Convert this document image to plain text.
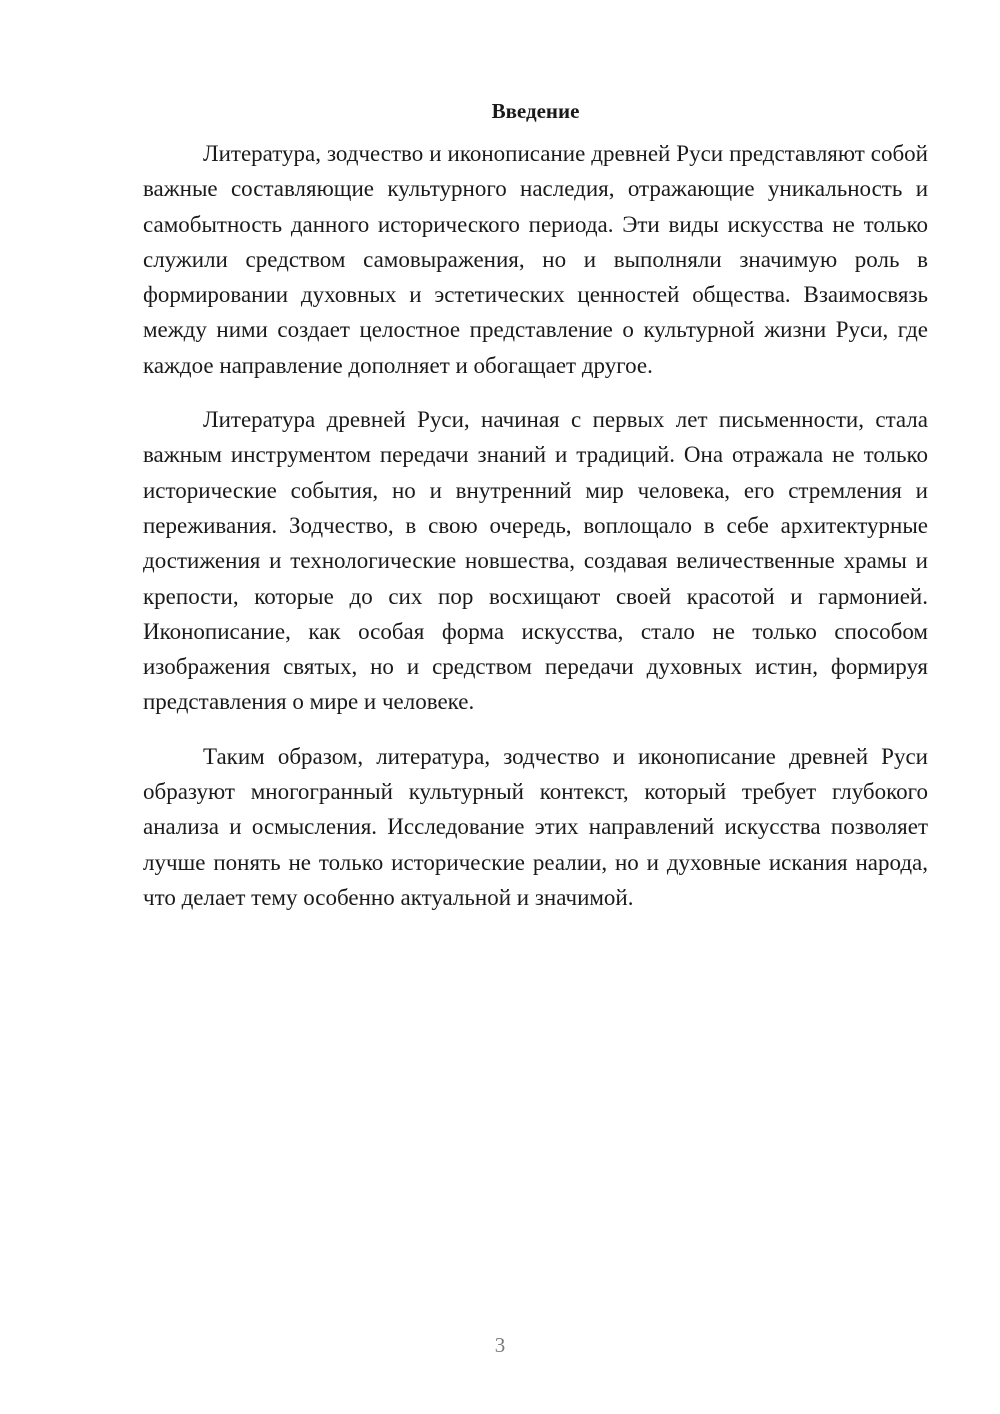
Введение

Литература, зодчество и иконописание древней Руси представляют собой важные составляющие культурного наследия, отражающие уникальность и самобытность данного исторического периода. Эти виды искусства не только служили средством самовыражения, но и выполняли значимую роль в формировании духовных и эстетических ценностей общества. Взаимосвязь между ними создает целостное представление о культурной жизни Руси, где каждое направление дополняет и обогащает другое.

Литература древней Руси, начиная с первых лет письменности, стала важным инструментом передачи знаний и традиций. Она отражала не только исторические события, но и внутренний мир человека, его стремления и переживания. Зодчество, в свою очередь, воплощало в себе архитектурные достижения и технологические новшества, создавая величественные храмы и крепости, которые до сих пор восхищают своей красотой и гармонией. Иконописание, как особая форма искусства, стало не только способом изображения святых, но и средством передачи духовных истин, формируя представления о мире и человеке.

Таким образом, литература, зодчество и иконописание древней Руси образуют многогранный культурный контекст, который требует глубокого анализа и осмысления. Исследование этих направлений искусства позволяет лучше понять не только исторические реалии, но и духовные искания народа, что делает тему особенно актуальной и значимой.

3
